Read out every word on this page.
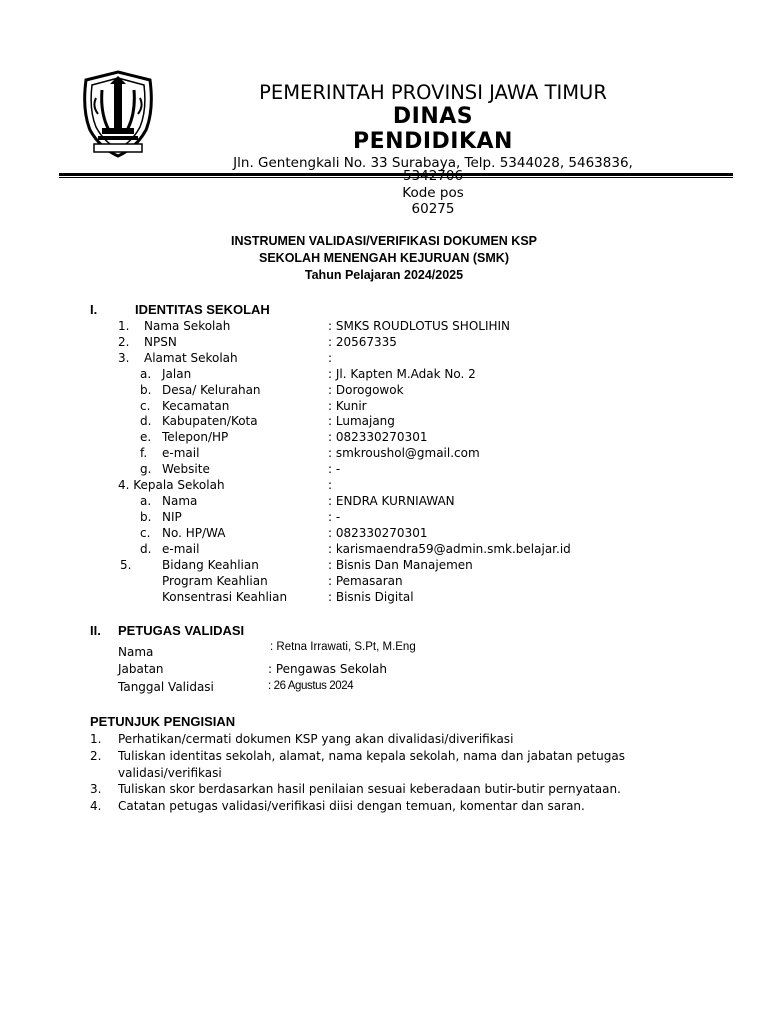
PEMERINTAH PROVINSI JAWA TIMUR
DINAS
PENDIDIKAN
Jln. Gentengkali No. 33 Surabaya, Telp. 5344028, 5463836,
5342706
Kode pos
60275
INSTRUMEN VALIDASI/VERIFIKASI DOKUMEN KSP
SEKOLAH MENENGAH KEJURUAN (SMK)
Tahun Pelajaran 2024/2025
I.	IDENTITAS SEKOLAH
1. Nama Sekolah	: SMKS ROUDLOTUS SHOLIHIN
2. NPSN	: 20567335
3. Alamat Sekolah	:
a. Jalan	: Jl. Kapten M.Adak No. 2
b. Desa/ Kelurahan	: Dorogowok
c. Kecamatan	: Kunir
d. Kabupaten/Kota	: Lumajang
e. Telepon/HP	: 082330270301
f. e-mail	: smkroushol@gmail.com
g. Website	: -
4. Kepala Sekolah	:
a. Nama	: ENDRA KURNIAWAN
b. NIP	: -
c. No. HP/WA	: 082330270301
d. e-mail	: karismaendra59@admin.smk.belajar.id
5.	Bidang Keahlian	: Bisnis Dan Manajemen
Program Keahlian	: Pemasaran
Konsentrasi Keahlian	: Bisnis Digital
II. PETUGAS VALIDASI
Nama	: Retna Irrawati, S.Pt, M.Eng
Jabatan	: Pengawas Sekolah
Tanggal Validasi	: 26 Agustus 2024
PETUNJUK PENGISIAN
1. Perhatikan/cermati dokumen KSP yang akan divalidasi/diverifikasi
2. Tuliskan identitas sekolah, alamat, nama kepala sekolah, nama dan jabatan petugas
validasi/verifikasi
3. Tuliskan skor berdasarkan hasil penilaian sesuai keberadaan butir-butir pernyataan.
4. Catatan petugas validasi/verifikasi diisi dengan temuan, komentar dan saran.
